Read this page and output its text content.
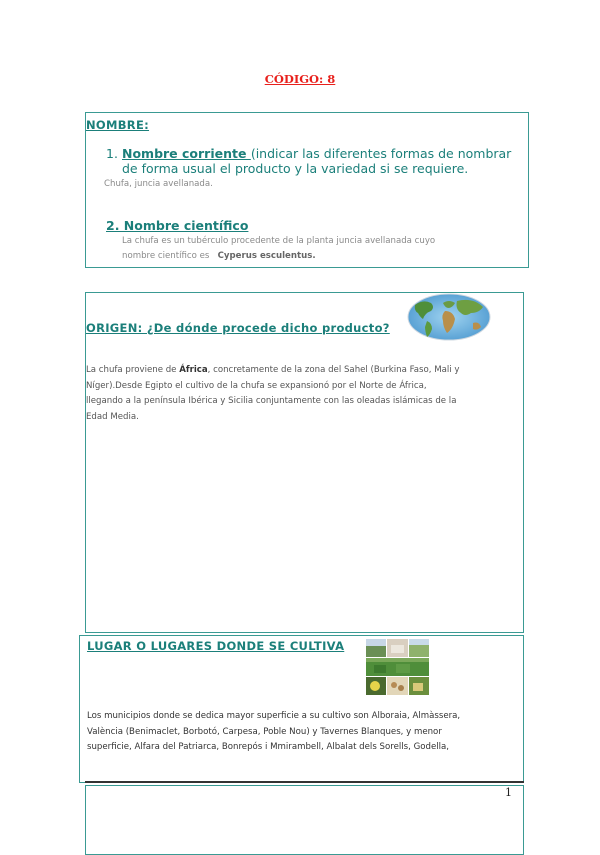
CÓDIGO: 8
NOMBRE:
1. Nombre corriente (indicar las diferentes formas de nombrar
de forma usual el producto y la variedad si se requiere.
Chufa, juncia avellanada.
2. Nombre científico
La chufa es un tubérculo procedente de la planta juncia avellanada cuyo
nombre científico es Cyperus esculentus.
ORIGEN: ¿De dónde procede dicho producto?
La chufa proviene de África, concretamente de la zona del Sahel (Burkina Faso, Mali y
Níger).Desde Egipto el cultivo de la chufa se expansionó por el Norte de África,
llegando a la península Ibérica y Sicilia conjuntamente con las oleadas islámicas de la
Edad Media.
LUGAR O LUGARES DONDE SE CULTIVA
Los municipios donde se dedica mayor superficie a su cultivo son Alboraia, Almàssera,
València (Benimaclet, Borbotó, Carpesa, Poble Nou) y Tavernes Blanques, y menor
superficie, Alfara del Patriarca, Bonrepós i Mmirambell, Albalat dels Sorells, Godella,
1
